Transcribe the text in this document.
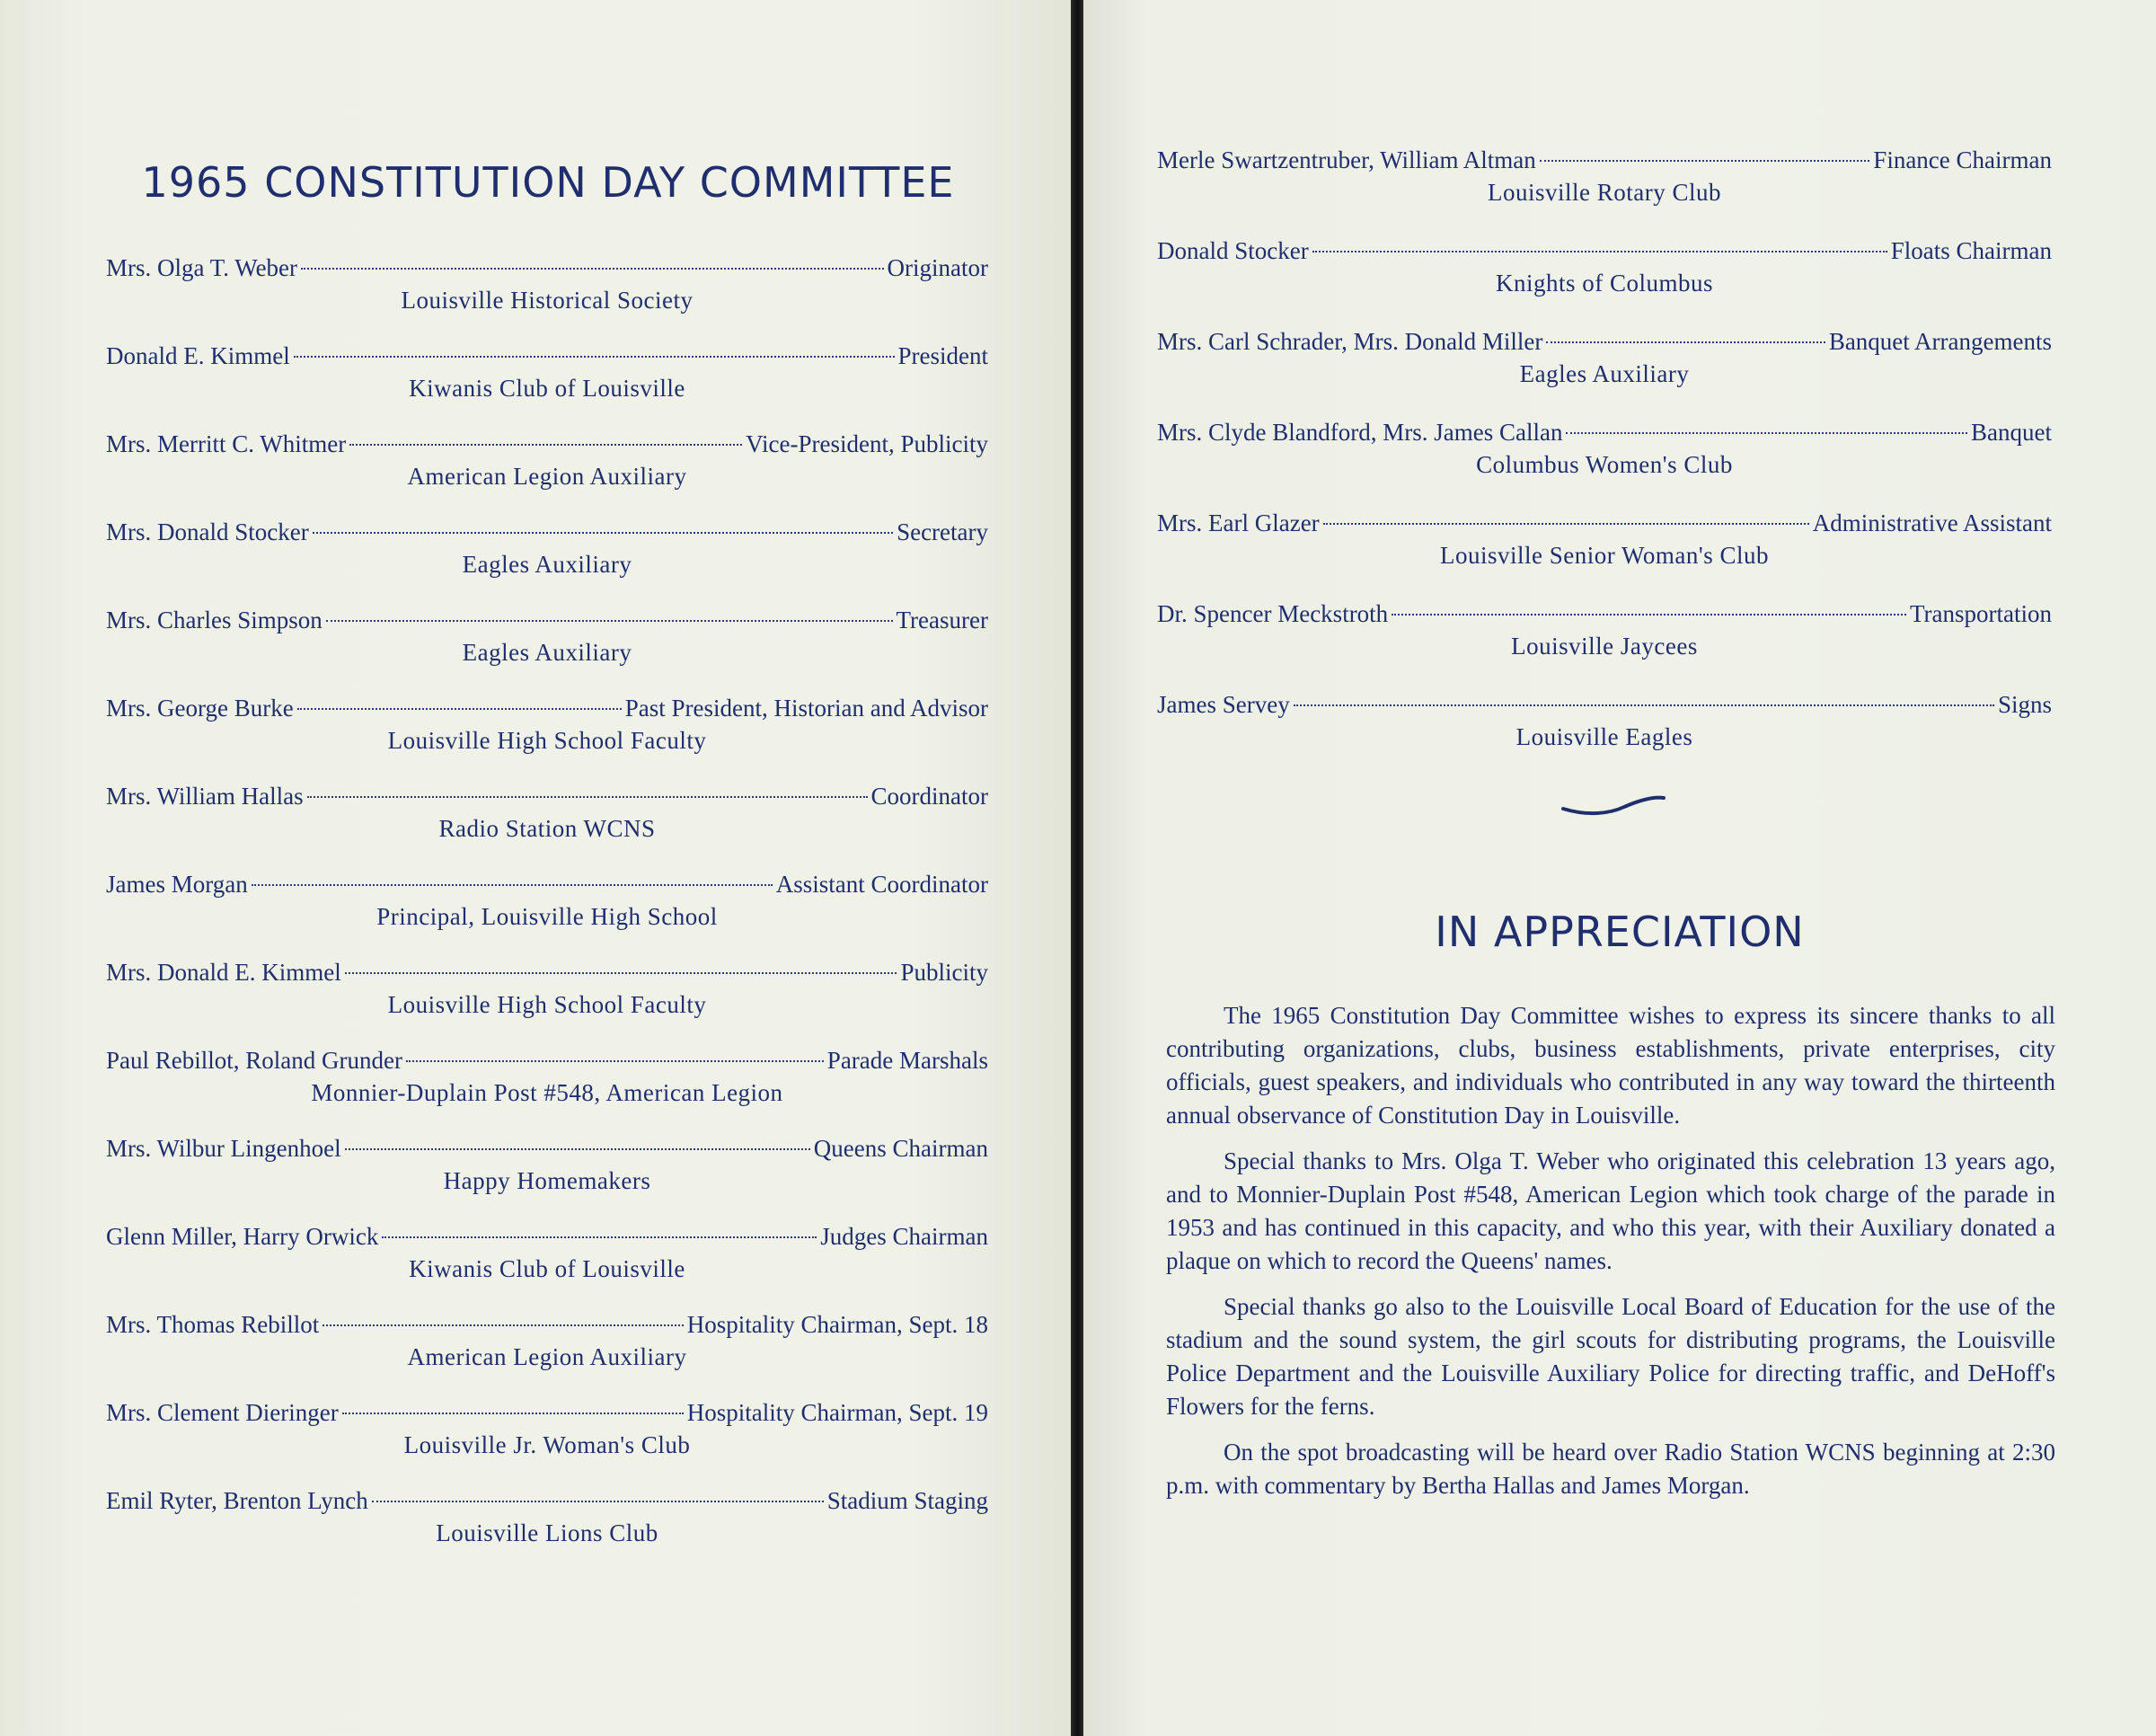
1965 CONSTITUTION DAY COMMITTEE
Mrs. Olga T. Weber	Originator
Louisville Historical Society
Donald E. Kimmel	President
Kiwanis Club of Louisville
Mrs. Merritt C. Whitmer	Vice-President, Publicity
American Legion Auxiliary
Mrs. Donald Stocker	Secretary
Eagles Auxiliary
Mrs. Charles Simpson	Treasurer
Eagles Auxiliary
Mrs. George Burke	Past President, Historian and Advisor
Louisville High School Faculty
Mrs. William Hallas	Coordinator
Radio Station WCNS
James Morgan	Assistant Coordinator
Principal, Louisville High School
Mrs. Donald E. Kimmel	Publicity
Louisville High School Faculty
Paul Rebillot, Roland Grunder	Parade Marshals
Monnier-Duplain Post #548, American Legion
Mrs. Wilbur Lingenhoel	Queens Chairman
Happy Homemakers
Glenn Miller, Harry Orwick	Judges Chairman
Kiwanis Club of Louisville
Mrs. Thomas Rebillot	Hospitality Chairman, Sept. 18
American Legion Auxiliary
Mrs. Clement Dieringer	Hospitality Chairman, Sept. 19
Louisville Jr. Woman's Club
Emil Ryter, Brenton Lynch	Stadium Staging
Louisville Lions Club
Merle Swartzentruber, William Altman	Finance Chairman
Louisville Rotary Club
Donald Stocker	Floats Chairman
Knights of Columbus
Mrs. Carl Schrader, Mrs. Donald Miller	Banquet Arrangements
Eagles Auxiliary
Mrs. Clyde Blandford, Mrs. James Callan	Banquet
Columbus Women's Club
Mrs. Earl Glazer	Administrative Assistant
Louisville Senior Woman's Club
Dr. Spencer Meckstroth	Transportation
Louisville Jaycees
James Servey	Signs
Louisville Eagles
IN APPRECIATION

The 1965 Constitution Day Committee wishes to express its sincere thanks to all contributing organizations, clubs, business establishments, private enterprises, city officials, guest speakers, and individuals who contributed in any way toward the thirteenth annual observance of Constitution Day in Louisville.

Special thanks to Mrs. Olga T. Weber who originated this celebration 13 years ago, and to Monnier-Duplain Post #548, American Legion which took charge of the parade in 1953 and has continued in this capacity, and who this year, with their Auxiliary donated a plaque on which to record the Queens' names.

Special thanks go also to the Louisville Local Board of Education for the use of the stadium and the sound system, the girl scouts for distributing programs, the Louisville Police Department and the Louisville Auxiliary Police for directing traffic, and DeHoff's Flowers for the ferns.

On the spot broadcasting will be heard over Radio Station WCNS beginning at 2:30 p.m. with commentary by Bertha Hallas and James Morgan.
